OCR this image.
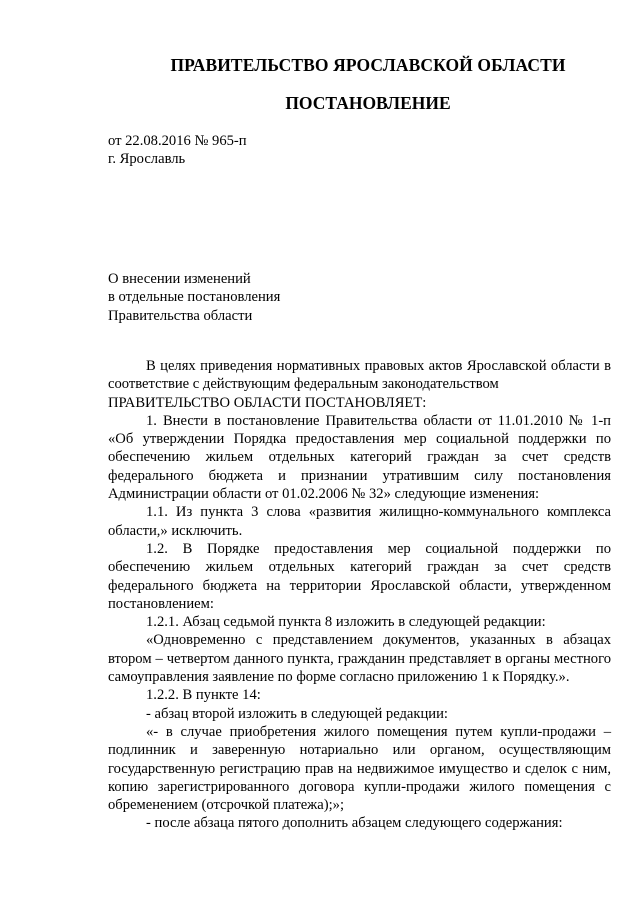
ПРАВИТЕЛЬСТВО ЯРОСЛАВСКОЙ ОБЛАСТИ
ПОСТАНОВЛЕНИЕ
от 22.08.2016 № 965-п
г. Ярославль
О внесении изменений
в отдельные постановления
Правительства области

В целях приведения нормативных правовых актов Ярославской области в соответствие с действующим федеральным законодательством

ПРАВИТЕЛЬСТВО ОБЛАСТИ ПОСТАНОВЛЯЕТ:

1. Внести в постановление Правительства области от 11.01.2010 № 1-п «Об утверждении Порядка предоставления мер социальной поддержки по обеспечению жильем отдельных категорий граждан за счет средств федерального бюджета и признании утратившим силу постановления Администрации области от 01.02.2006 № 32» следующие изменения:

1.1. Из пункта 3 слова «развития жилищно-коммунального комплекса области,» исключить.

1.2. В Порядке предоставления мер социальной поддержки по обеспечению жильем отдельных категорий граждан за счет средств федерального бюджета на территории Ярославской области, утвержденном постановлением:

1.2.1. Абзац седьмой пункта 8 изложить в следующей редакции:

«Одновременно с представлением документов, указанных в абзацах втором – четвертом данного пункта, гражданин представляет в органы местного самоуправления заявление по форме согласно приложению 1 к Порядку.».

1.2.2. В пункте 14:

- абзац второй изложить в следующей редакции:

«- в случае приобретения жилого помещения путем купли-продажи – подлинник и заверенную нотариально или органом, осуществляющим государственную регистрацию прав на недвижимое имущество и сделок с ним, копию зарегистрированного договора купли-продажи жилого помещения с обременением (отсрочкой платежа);»;

- после абзаца пятого дополнить абзацем следующего содержания:
